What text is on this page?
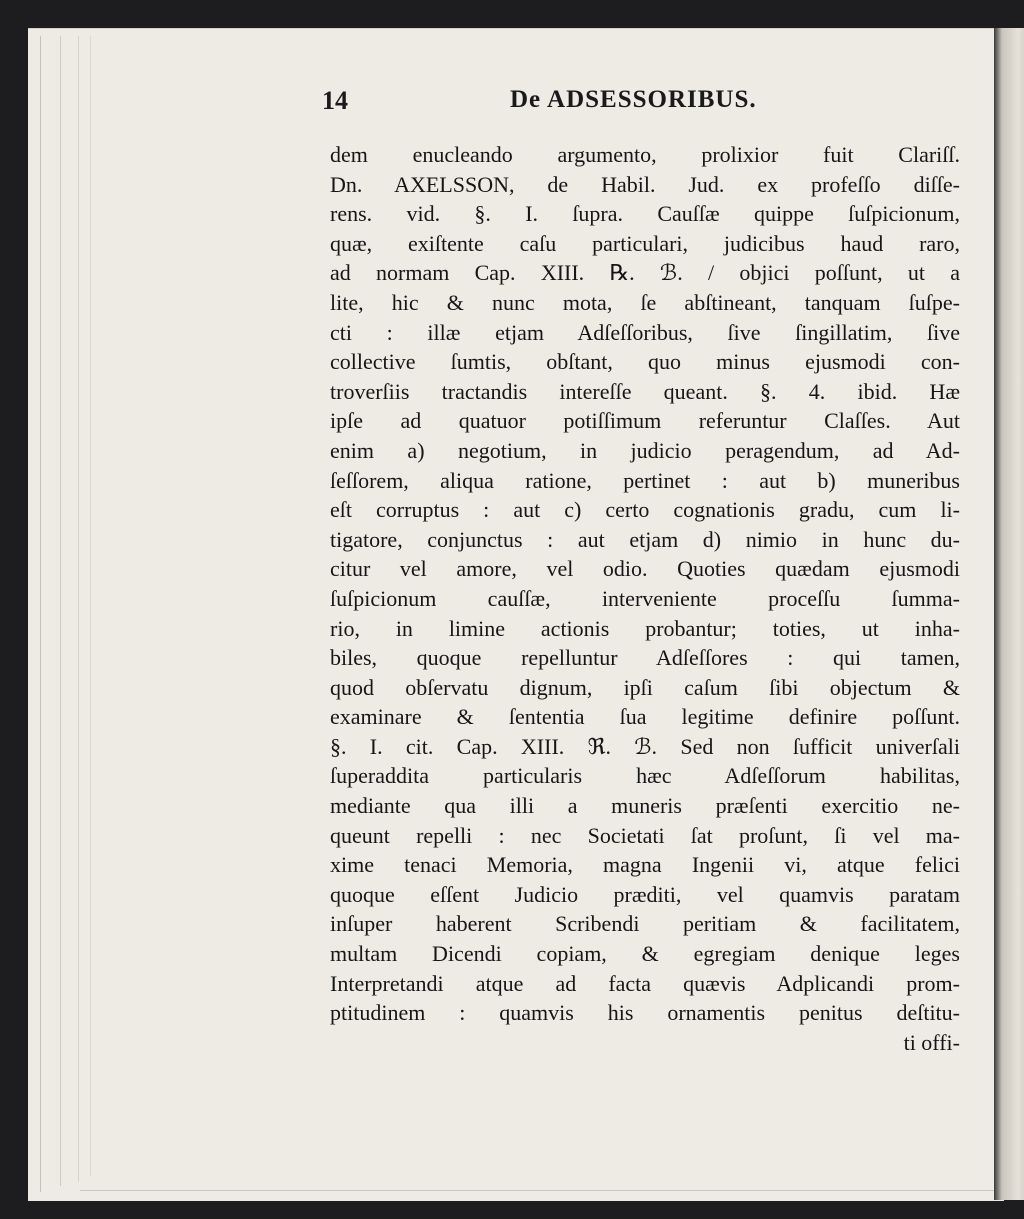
14	De ADSESSORIBUS.
dem enucleando argumento, prolixior fuit Clariſſ.
Dn. AXELSSON, de Habil. Jud. ex profeſſo diſſe-
rens. vid. §. I. ſupra. Cauſſæ quippe ſuſpicionum,
quæ, exiſtente caſu particulari, judicibus haud raro,
ad normam Cap. XIII. ℞. ℬ. / objici poſſunt, ut a
lite, hic & nunc mota, ſe abſtineant, tanquam ſuſpe-
cti : illæ etjam Adſeſſoribus, ſive ſingillatim, ſive
collective ſumtis, obſtant, quo minus ejusmodi con-
troverſiis tractandis intereſſe queant. §. 4. ibid. Hæ
ipſe ad quatuor potiſſimum referuntur Claſſes. Aut
enim a) negotium, in judicio peragendum, ad Ad-
ſeſſorem, aliqua ratione, pertinet : aut b) muneribus
eſt corruptus : aut c) certo cognationis gradu, cum li-
tigatore, conjunctus : aut etjam d) nimio in hunc du-
citur vel amore, vel odio. Quoties quædam ejusmodi
ſuſpicionum cauſſæ, interveniente proceſſu ſumma-
rio, in limine actionis probantur; toties, ut inha-
biles, quoque repelluntur Adſeſſores : qui tamen,
quod obſervatu dignum, ipſi caſum ſibi objectum &
examinare & ſententia ſua legitime definire poſſunt.
§. I. cit. Cap. XIII. ℜ. ℬ. Sed non ſufficit univerſali
ſuperaddita particularis hæc Adſeſſorum habilitas,
mediante qua illi a muneris præſenti exercitio ne-
queunt repelli : nec Societati ſat proſunt, ſi vel ma-
xime tenaci Memoria, magna Ingenii vi, atque felici
quoque eſſent Judicio præditi, vel quamvis paratam
inſuper haberent Scribendi peritiam & facilitatem,
multam Dicendi copiam, & egregiam denique leges
Interpretandi atque ad facta quævis Adplicandi prom-
ptitudinem : quamvis his ornamentis penitus deſtitu-
ti offi-
